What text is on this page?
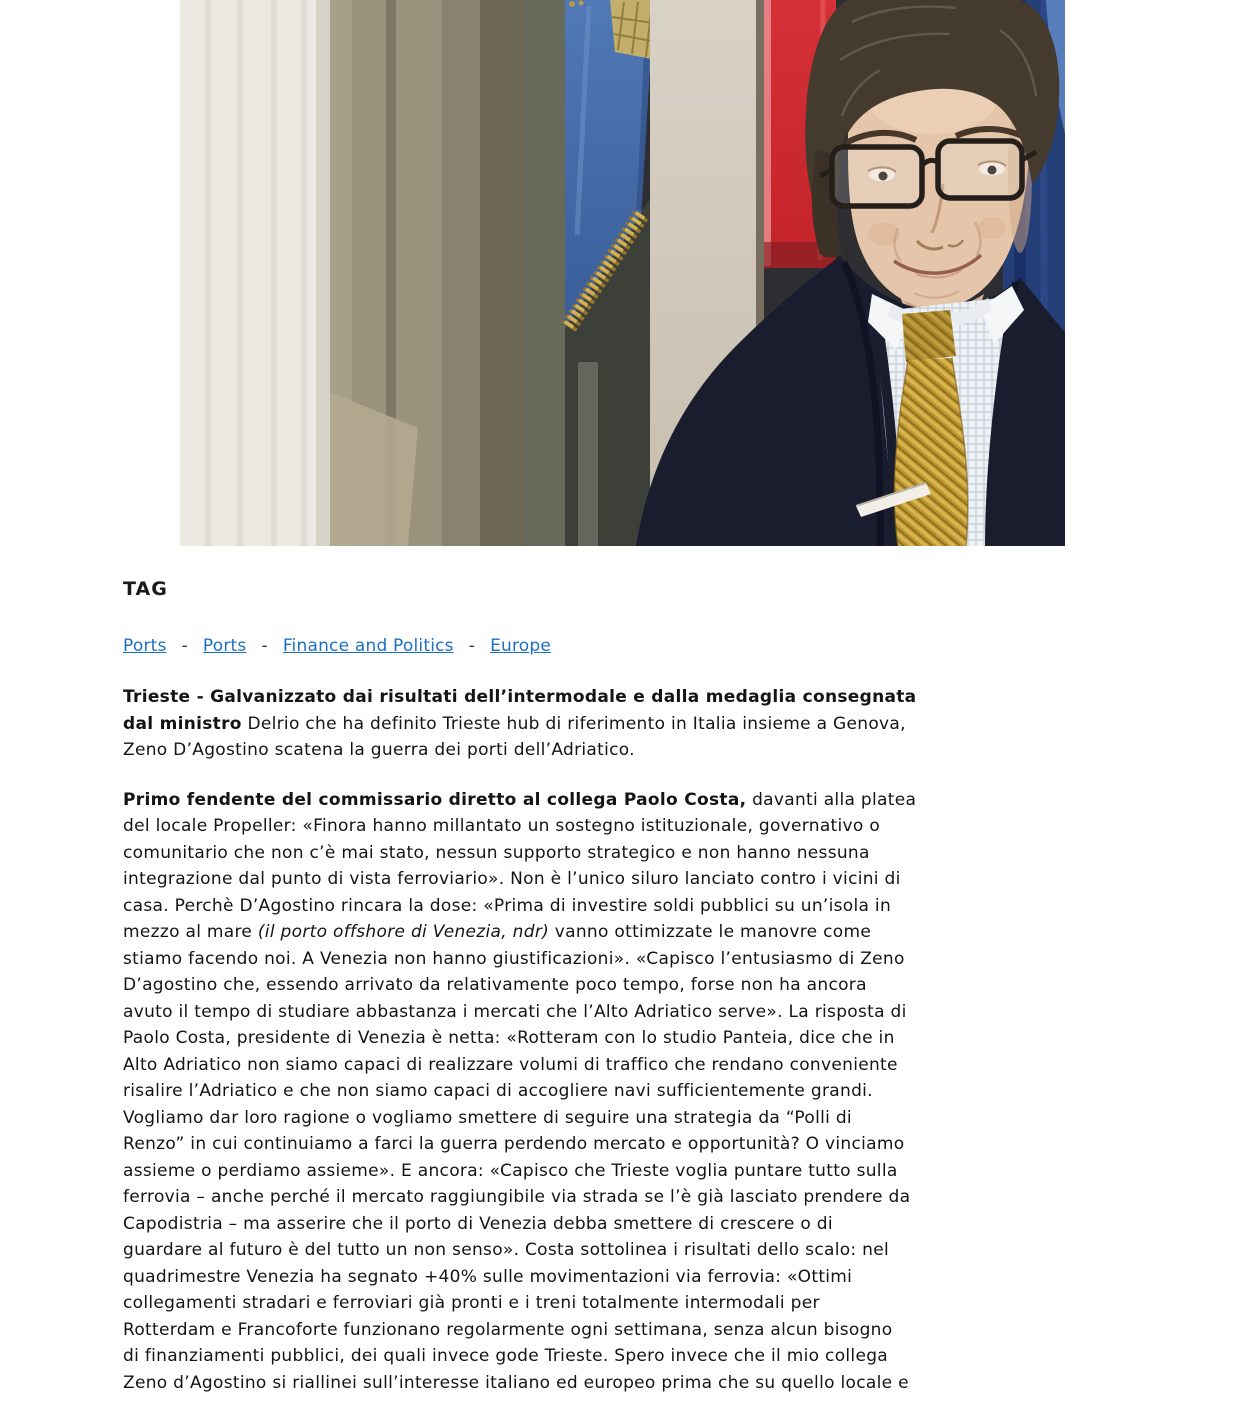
TAG
Ports - Ports - Finance and Politics - Europe
Trieste - Galvanizzato dai risultati dell’intermodale e dalla medaglia consegnata
dal ministro Delrio che ha definito Trieste hub di riferimento in Italia insieme a Genova,
Zeno D’Agostino scatena la guerra dei porti dell’Adriatico.
Primo fendente del commissario diretto al collega Paolo Costa, davanti alla platea
del locale Propeller: «Finora hanno millantato un sostegno istituzionale, governativo o
comunitario che non c’è mai stato, nessun supporto strategico e non hanno nessuna
integrazione dal punto di vista ferroviario». Non è l’unico siluro lanciato contro i vicini di
casa. Perchè D’Agostino rincara la dose: «Prima di investire soldi pubblici su un’isola in
mezzo al mare (il porto offshore di Venezia, ndr) vanno ottimizzate le manovre come
stiamo facendo noi. A Venezia non hanno giustificazioni». «Capisco l’entusiasmo di Zeno
D’agostino che, essendo arrivato da relativamente poco tempo, forse non ha ancora
avuto il tempo di studiare abbastanza i mercati che l’Alto Adriatico serve». La risposta di
Paolo Costa, presidente di Venezia è netta: «Rotteram con lo studio Panteia, dice che in
Alto Adriatico non siamo capaci di realizzare volumi di traffico che rendano conveniente
risalire l’Adriatico e che non siamo capaci di accogliere navi sufficientemente grandi.
Vogliamo dar loro ragione o vogliamo smettere di seguire una strategia da “Polli di
Renzo” in cui continuiamo a farci la guerra perdendo mercato e opportunità? O vinciamo
assieme o perdiamo assieme». E ancora: «Capisco che Trieste voglia puntare tutto sulla
ferrovia – anche perché il mercato raggiungibile via strada se l’è già lasciato prendere da
Capodistria – ma asserire che il porto di Venezia debba smettere di crescere o di
guardare al futuro è del tutto un non senso». Costa sottolinea i risultati dello scalo: nel
quadrimestre Venezia ha segnato +40% sulle movimentazioni via ferrovia: «Ottimi
collegamenti stradari e ferroviari già pronti e i treni totalmente intermodali per
Rotterdam e Francoforte funzionano regolarmente ogni settimana, senza alcun bisogno
di finanziamenti pubblici, dei quali invece gode Trieste. Spero invece che il mio collega
Zeno d’Agostino si riallinei sull’interesse italiano ed europeo prima che su quello locale e
